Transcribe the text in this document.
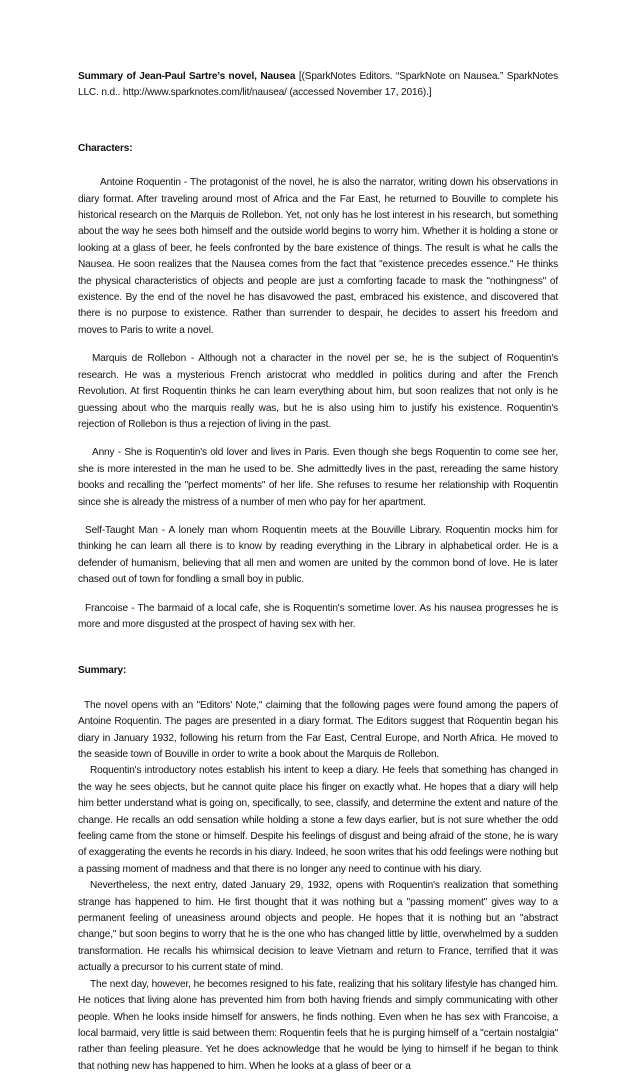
Summary of Jean-Paul Sartre’s novel, Nausea [(SparkNotes Editors. “SparkNote on Nausea.” SparkNotes LLC. n.d.. http://www.sparknotes.com/lit/nausea/ (accessed November 17, 2016).]

Characters:

Antoine Roquentin - The protagonist of the novel, he is also the narrator, writing down his observations in diary format. After traveling around most of Africa and the Far East, he returned to Bouville to complete his historical research on the Marquis de Rollebon. Yet, not only has he lost interest in his research, but something about the way he sees both himself and the outside world begins to worry him. Whether it is holding a stone or looking at a glass of beer, he feels confronted by the bare existence of things. The result is what he calls the Nausea. He soon realizes that the Nausea comes from the fact that "existence precedes essence." He thinks the physical characteristics of objects and people are just a comforting facade to mask the "nothingness" of existence. By the end of the novel he has disavowed the past, embraced his existence, and discovered that there is no purpose to existence. Rather than surrender to despair, he decides to assert his freedom and moves to Paris to write a novel.

Marquis de Rollebon - Although not a character in the novel per se, he is the subject of Roquentin's research. He was a mysterious French aristocrat who meddled in politics during and after the French Revolution. At first Roquentin thinks he can learn everything about him, but soon realizes that not only is he guessing about who the marquis really was, but he is also using him to justify his existence. Roquentin's rejection of Rollebon is thus a rejection of living in the past.

Anny - She is Roquentin's old lover and lives in Paris. Even though she begs Roquentin to come see her, she is more interested in the man he used to be. She admittedly lives in the past, rereading the same history books and recalling the "perfect moments" of her life. She refuses to resume her relationship with Roquentin since she is already the mistress of a number of men who pay for her apartment.

Self-Taught Man - A lonely man whom Roquentin meets at the Bouville Library. Roquentin mocks him for thinking he can learn all there is to know by reading everything in the Library in alphabetical order. He is a defender of humanism, believing that all men and women are united by the common bond of love. He is later chased out of town for fondling a small boy in public.

Francoise - The barmaid of a local cafe, she is Roquentin's sometime lover. As his nausea progresses he is more and more disgusted at the prospect of having sex with her.

Summary:

The novel opens with an "Editors' Note," claiming that the following pages were found among the papers of Antoine Roquentin. The pages are presented in a diary format. The Editors suggest that Roquentin began his diary in January 1932, following his return from the Far East, Central Europe, and North Africa. He moved to the seaside town of Bouville in order to write a book about the Marquis de Rollebon.

Roquentin's introductory notes establish his intent to keep a diary. He feels that something has changed in the way he sees objects, but he cannot quite place his finger on exactly what. He hopes that a diary will help him better understand what is going on, specifically, to see, classify, and determine the extent and nature of the change. He recalls an odd sensation while holding a stone a few days earlier, but is not sure whether the odd feeling came from the stone or himself. Despite his feelings of disgust and being afraid of the stone, he is wary of exaggerating the events he records in his diary. Indeed, he soon writes that his odd feelings were nothing but a passing moment of madness and that there is no longer any need to continue with his diary.

Nevertheless, the next entry, dated January 29, 1932, opens with Roquentin's realization that something strange has happened to him. He first thought that it was nothing but a "passing moment" gives way to a permanent feeling of uneasiness around objects and people. He hopes that it is nothing but an "abstract change," but soon begins to worry that he is the one who has changed little by little, overwhelmed by a sudden transformation. He recalls his whimsical decision to leave Vietnam and return to France, terrified that it was actually a precursor to his current state of mind.

The next day, however, he becomes resigned to his fate, realizing that his solitary lifestyle has changed him. He notices that living alone has prevented him from both having friends and simply communicating with other people. When he looks inside himself for answers, he finds nothing. Even when he has sex with Francoise, a local barmaid, very little is said between them: Roquentin feels that he is purging himself of a "certain nostalgia" rather than feeling pleasure. Yet he does acknowledge that he would be lying to himself if he began to think that nothing new has happened to him. When he looks at a glass of beer or a
